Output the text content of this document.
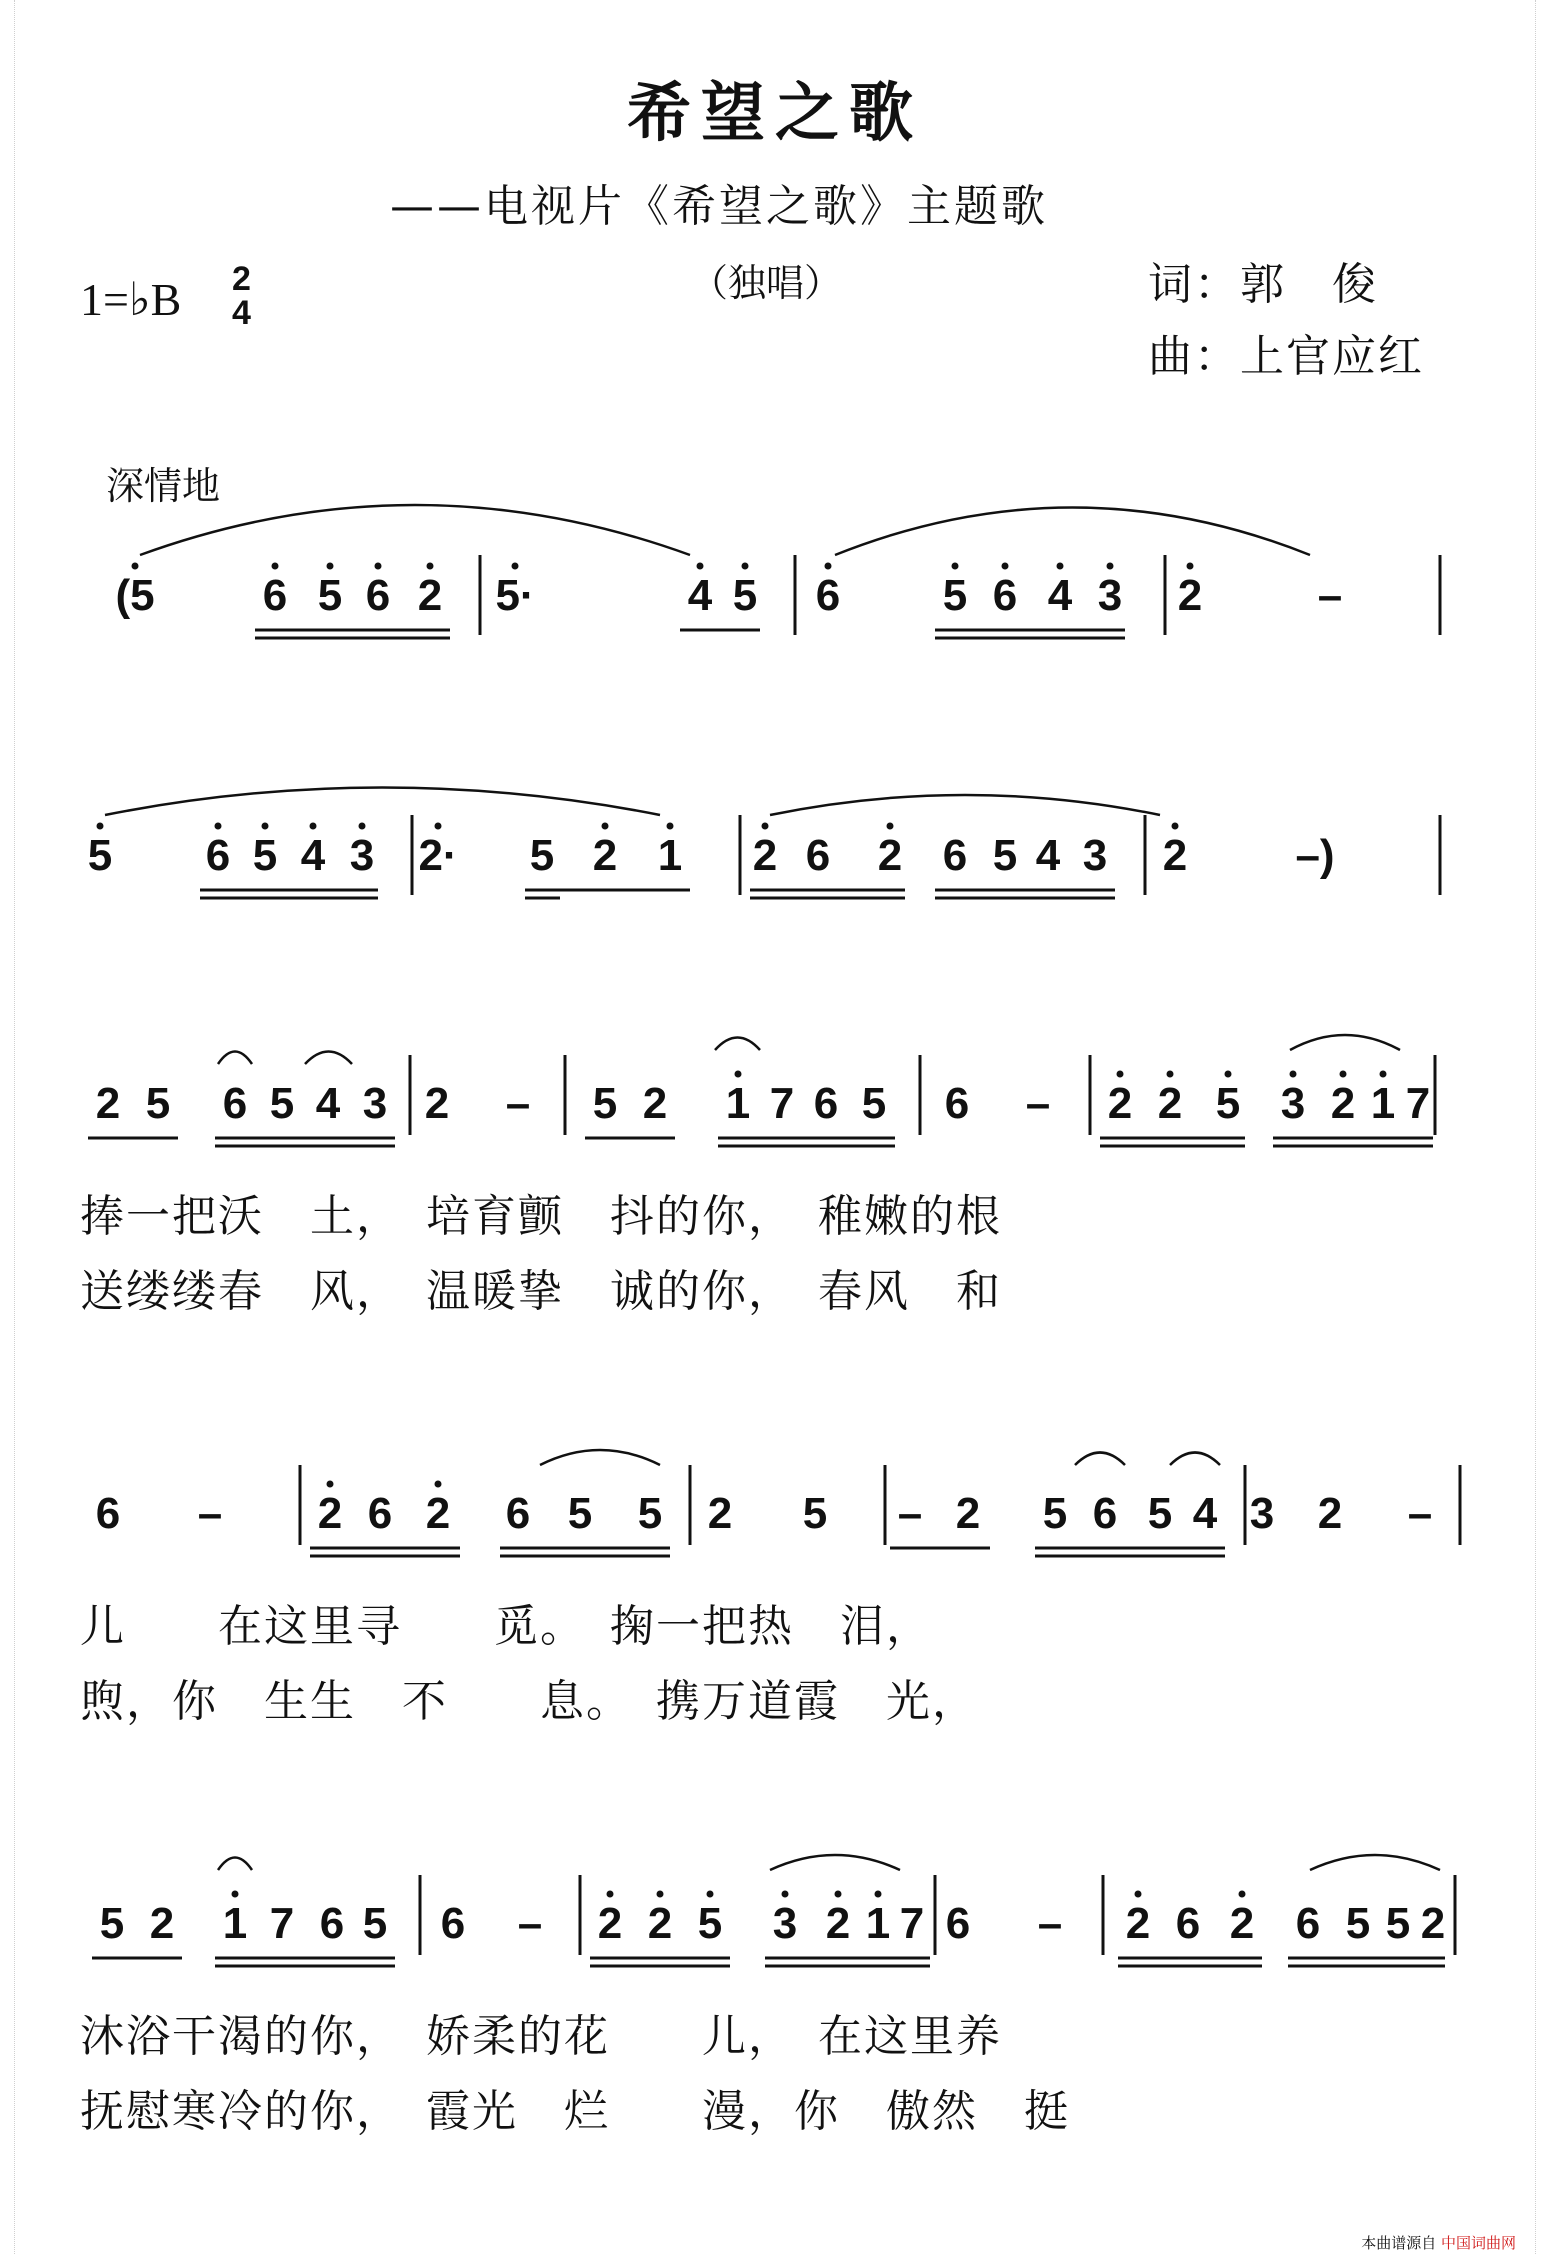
希望之歌
——电视片《希望之歌》主题歌
（独唱）
1=♭B 2
4
词：郭　俊
曲：上官应红
深情地
(5 6 5 6 2 5·	4 5 6 5 6 4 3 2	–
5 6 5 4 3 2· 5 2 1 2 6 2 6 5 4 3 2 –)
2 5 6 5 4 3 2 – 5 2 1 7 6 5 6 – 2 2 5 3 2 1 7
6 – 2 6 2 6 5 5 2 5 – 2 5 6 5 4 3 2 –
5 2 1 7 6 5 6 – 2 2 5 3 2 1 7 6 – 2 6 2 6 5 5 2
捧一把沃　土，　培育颤　抖的你，　稚嫩的根
送缕缕春　风，　温暖挚　诚的你，　春风　和
儿　　在这里寻　　觅。　掬一把热　泪，
煦，你　生生　不　　息。　携万道霞　光，
沐浴干渴的你，　娇柔的花　　儿，　在这里养
抚慰寒冷的你，　霞光　烂　　漫，你　傲然　挺
本曲谱源自 中国词曲网
